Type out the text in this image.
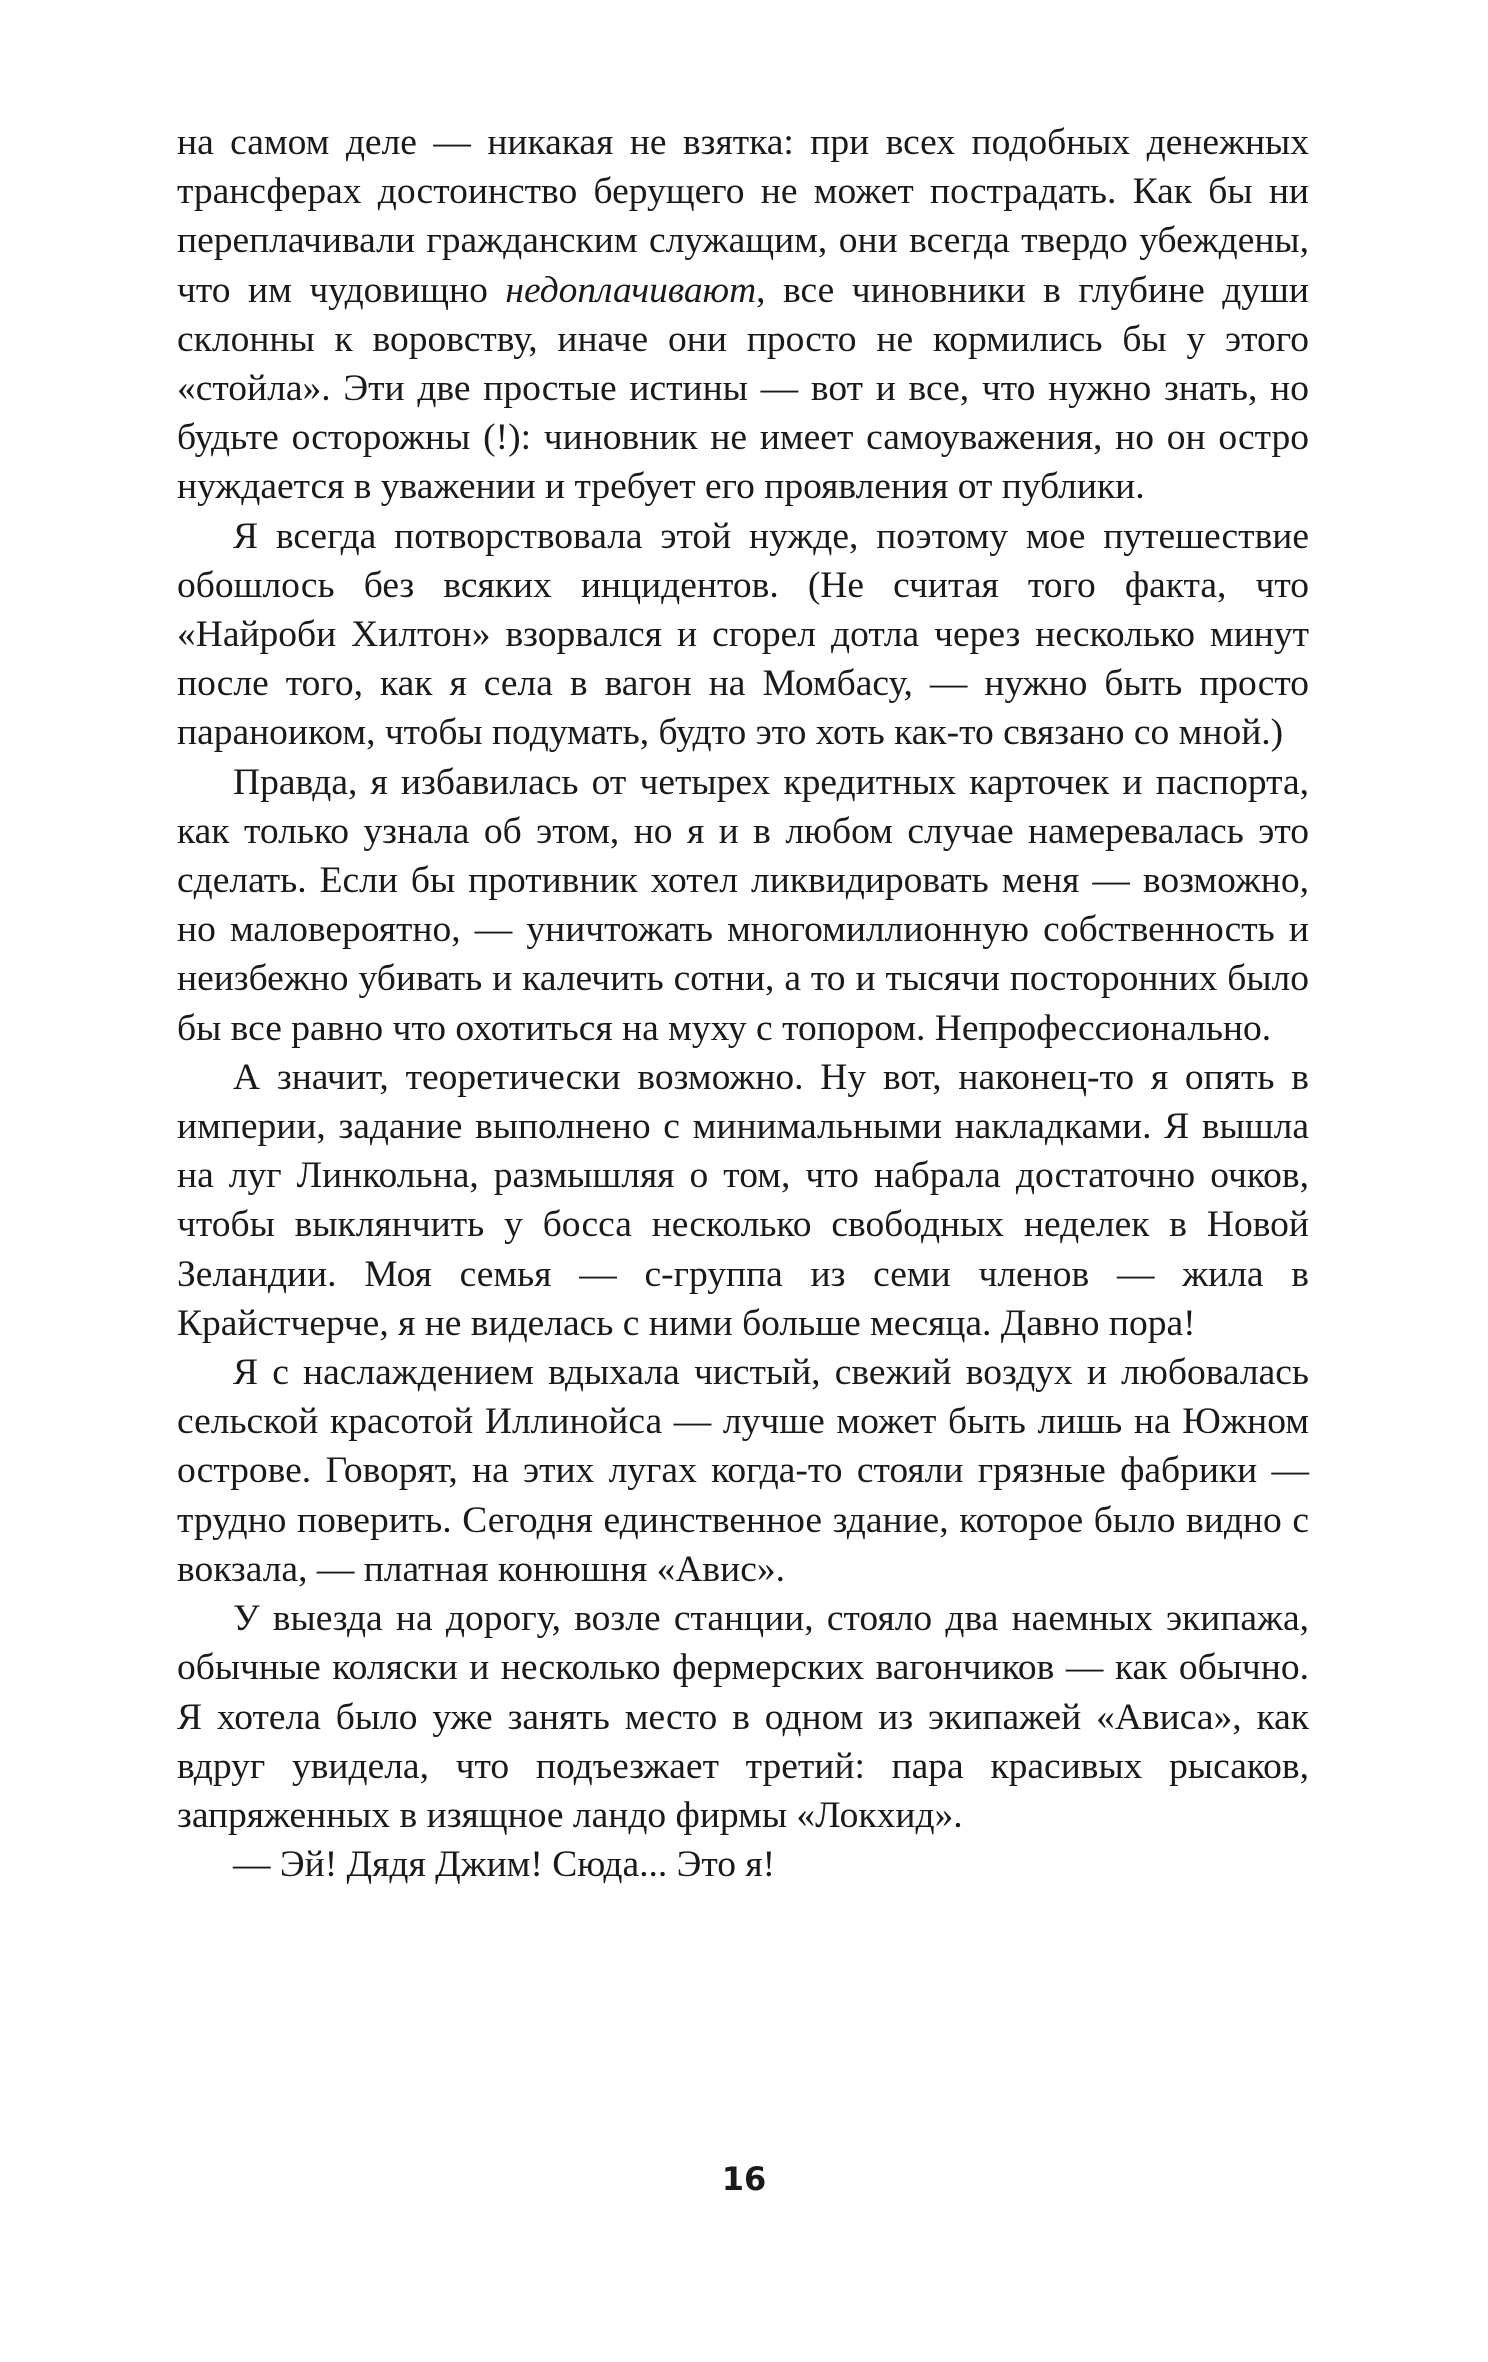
на самом деле — никакая не взятка: при всех подобных денежных трансферах достоинство берущего не может пострадать. Как бы ни переплачивали гражданским служащим, они всегда твердо убеждены, что им чудовищно недоплачивают, все чиновники в глубине души склонны к воровству, иначе они просто не кормились бы у этого «стойла». Эти две простые истины — вот и все, что нужно знать, но будьте осторожны (!): чиновник не имеет самоуважения, но он остро нуждается в уважении и требует его проявления от публики.

Я всегда потворствовала этой нужде, поэтому мое путешествие обошлось без всяких инцидентов. (Не считая того факта, что «Найроби Хилтон» взорвался и сгорел дотла через несколько минут после того, как я села в вагон на Момбасу, — нужно быть просто параноиком, чтобы подумать, будто это хоть как-то связано со мной.)

Правда, я избавилась от четырех кредитных карточек и паспорта, как только узнала об этом, но я и в любом случае намеревалась это сделать. Если бы противник хотел ликвидировать меня — возможно, но маловероятно, — уничтожать многомиллионную собственность и неизбежно убивать и калечить сотни, а то и тысячи посторонних было бы все равно что охотиться на муху с топором. Непрофессионально.

А значит, теоретически возможно. Ну вот, наконец-то я опять в империи, задание выполнено с минимальными накладками. Я вышла на луг Линкольна, размышляя о том, что набрала достаточно очков, чтобы выклянчить у босса несколько свободных неделек в Новой Зеландии. Моя семья — с-группа из семи членов — жила в Крайстчерче, я не виделась с ними больше месяца. Давно пора!

Я с наслаждением вдыхала чистый, свежий воздух и любовалась сельской красотой Иллинойса — лучше может быть лишь на Южном острове. Говорят, на этих лугах когда-то стояли грязные фабрики — трудно поверить. Сегодня единственное здание, которое было видно с вокзала, — платная конюшня «Авис».

У выезда на дорогу, возле станции, стояло два наемных экипажа, обычные коляски и несколько фермерских вагончиков — как обычно. Я хотела было уже занять место в одном из экипажей «Ависа», как вдруг увидела, что подъезжает третий: пара красивых рысаков, запряженных в изящное ландо фирмы «Локхид».

— Эй! Дядя Джим! Сюда... Это я!

16
